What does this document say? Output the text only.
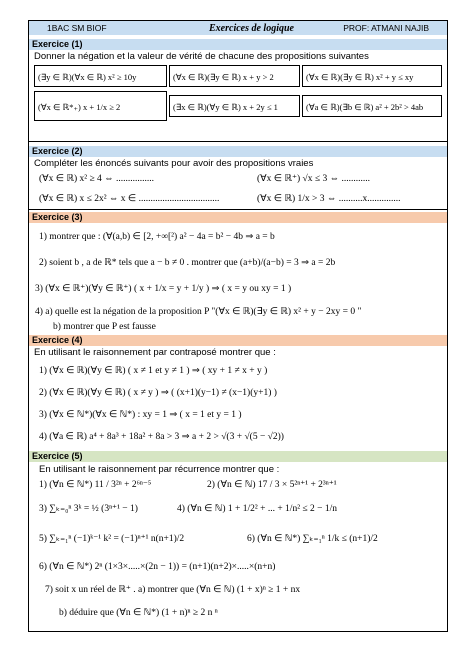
1BAC SM BIOF	Exercices de logique	PROF: ATMANI NAJIB
Exercice (1)
Donner la négation et la valeur de vérité de chacune des propositions suivantes
(∃y ∈ ℝ)(∀x ∈ ℝ) x² ≥ 10y	(∀x ∈ ℝ)(∃y ∈ ℝ) x + y > 2	(∀x ∈ ℝ)(∃y ∈ ℝ) x² + y ≤ xy
(∀x ∈ ℝ*₊) x + 1/x ≥ 2	(∃x ∈ ℝ)(∀y ∈ ℝ) x + 2y ≤ 1	(∀a ∈ ℝ)(∃b ∈ ℝ) a² + 2b² > 4ab
Exercice (2)
Compléter les énoncés suivants pour avoir des propositions vraies
(∀x ∈ ℝ) x² ≥ 4 ⇔ ................	(∀x ∈ ℝ⁺) √x ≤ 3 ⇔ ............
(∀x ∈ ℝ) x ≤ 2x² ⇔ x ∈ ..................................	(∀x ∈ ℝ) 1/x > 3 ⇔ ..........x..............
Exercice (3)
1) montrer que : (∀(a,b) ∈ [2, +∞[²) a² − 4a = b² − 4b ⇒ a = b
2) soient b , a de ℝ* tels que a − b ≠ 0 . montrer que (a+b)/(a−b) = 3 ⇒ a = 2b
3) (∀x ∈ ℝ⁺)(∀y ∈ ℝ⁺) ( x + 1/x = y + 1/y ) ⇒ ( x = y ou xy = 1 )
4) a) quelle est la négation de la proposition P "(∀x ∈ ℝ)(∃y ∈ ℝ) x² + y − 2xy = 0 "
b) montrer que P est fausse
Exercice (4)
En utilisant le raisonnement par contraposé montrer que :
1) (∀x ∈ ℝ)(∀y ∈ ℝ) ( x ≠ 1 et y ≠ 1 ) ⇒ ( xy + 1 ≠ x + y )
2) (∀x ∈ ℝ)(∀y ∈ ℝ) ( x ≠ y ) ⇒ ( (x+1)(y−1) ≠ (x−1)(y+1) )
3) (∀x ∈ ℕ*)(∀x ∈ ℕ*) : xy = 1 ⇒ ( x = 1 et y = 1 )
4) (∀a ∈ ℝ) a⁴ + 8a³ + 18a² + 8a > 3 ⇒ a + 2 > √(3 + √(5 − √2))
Exercice (5)
En utilisant le raisonnement par récurrence montrer que :
1) (∀n ∈ ℕ*) 11 / 3²ⁿ + 2⁶ⁿ⁻⁵	2) (∀n ∈ ℕ) 17 / 3 × 5²ⁿ⁺¹ + 2³ⁿ⁺¹
3) ∑ₖ₌₀ⁿ 3ᵏ = ½ (3ⁿ⁺¹ − 1)	4) (∀n ∈ ℕ) 1 + 1/2² + ... + 1/n² ≤ 2 − 1/n
5) ∑ₖ₌₁ⁿ (−1)ᵏ⁻¹ k² = (−1)ⁿ⁺¹ n(n+1)/2	6) (∀n ∈ ℕ*) ∑ₖ₌₁ⁿ 1/k ≤ (n+1)/2
6) (∀n ∈ ℕ*) 2ⁿ (1×3×.....×(2n − 1)) = (n+1)(n+2)×.....×(n+n)
7) soit x un réel de ℝ⁺ . a) montrer que (∀n ∈ ℕ) (1 + x)ⁿ ≥ 1 + nx
b) déduire que (∀n ∈ ℕ*) (1 + n)ⁿ ≥ 2 n ⁿ
